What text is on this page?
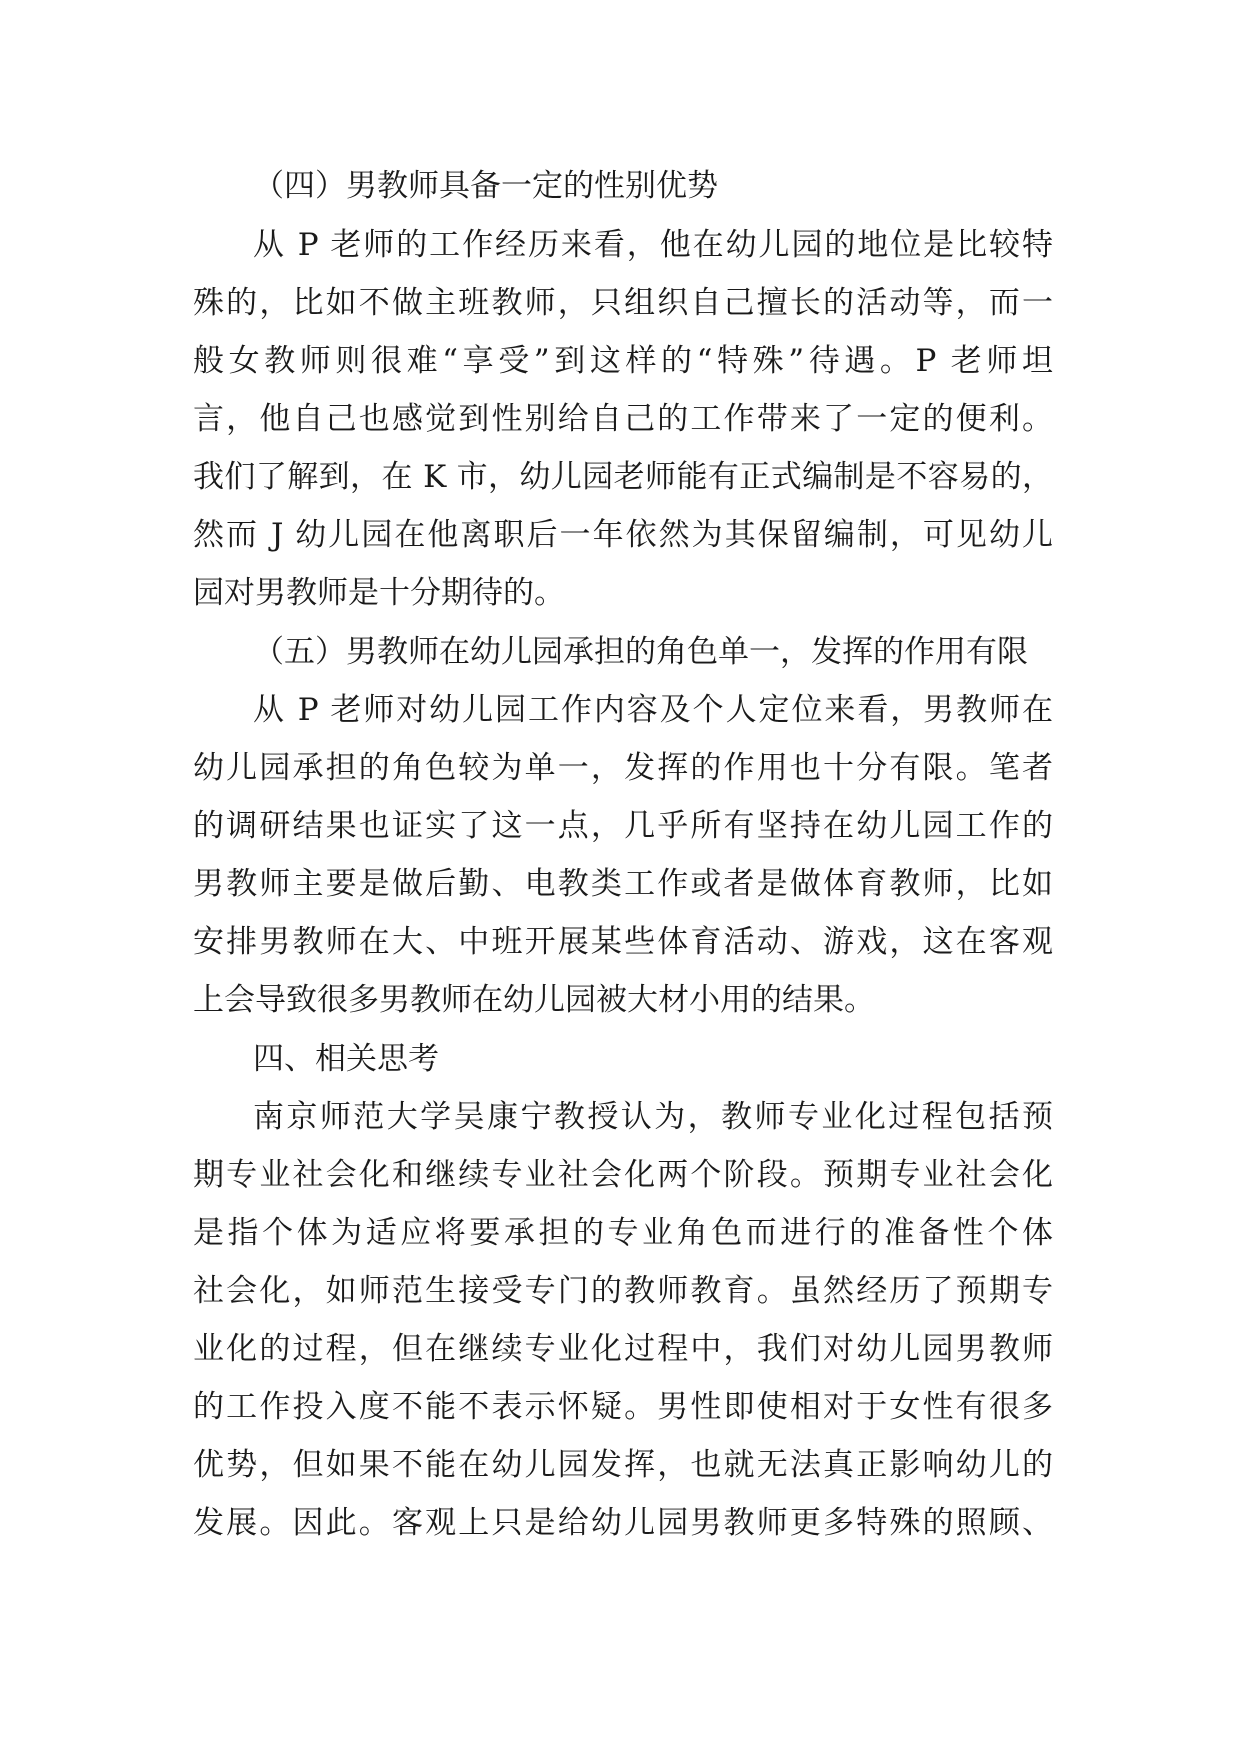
（四）男教师具备一定的性别优势
从 P 老师的工作经历来看，他在幼儿园的地位是比较特
殊的，比如不做主班教师，只组织自己擅长的活动等，而一
般女教师则很难“享受”到这样的“特殊”待遇。P 老师坦
言，他自己也感觉到性别给自己的工作带来了一定的便利。
我们了解到，在 K 市，幼儿园老师能有正式编制是不容易的，
然而 J 幼儿园在他离职后一年依然为其保留编制，可见幼儿
园对男教师是十分期待的。
（五）男教师在幼儿园承担的角色单一，发挥的作用有限
从 P 老师对幼儿园工作内容及个人定位来看，男教师在
幼儿园承担的角色较为单一，发挥的作用也十分有限。笔者
的调研结果也证实了这一点，几乎所有坚持在幼儿园工作的
男教师主要是做后勤、电教类工作或者是做体育教师，比如
安排男教师在大、中班开展某些体育活动、游戏，这在客观
上会导致很多男教师在幼儿园被大材小用的结果。
四、相关思考
南京师范大学吴康宁教授认为，教师专业化过程包括预
期专业社会化和继续专业社会化两个阶段。预期专业社会化
是指个体为适应将要承担的专业角色而进行的准备性个体
社会化，如师范生接受专门的教师教育。虽然经历了预期专
业化的过程，但在继续专业化过程中，我们对幼儿园男教师
的工作投入度不能不表示怀疑。男性即使相对于女性有很多
优势，但如果不能在幼儿园发挥，也就无法真正影响幼儿的
发展。因此。客观上只是给幼儿园男教师更多特殊的照顾、
